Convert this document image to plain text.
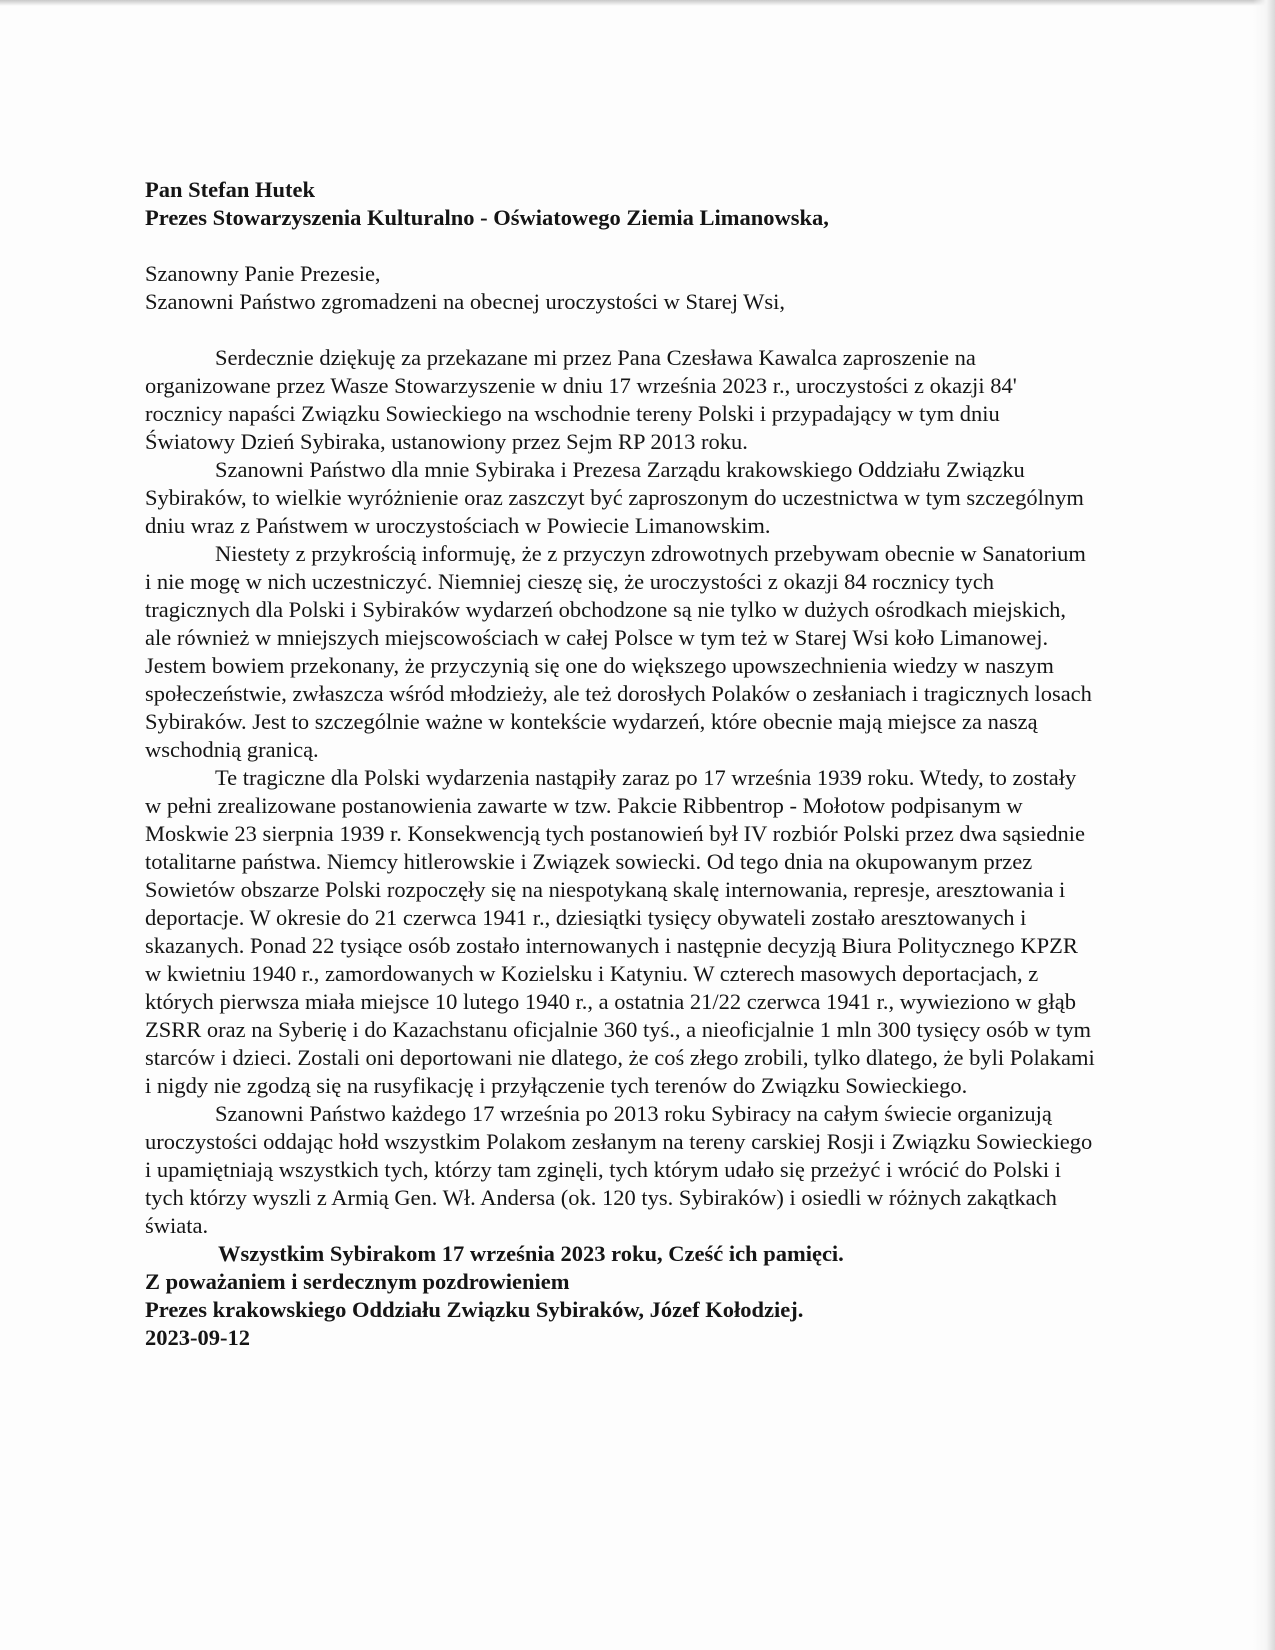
Pan Stefan Hutek

Prezes Stowarzyszenia Kulturalno - Oświatowego Ziemia Limanowska,

Szanowny Panie Prezesie,

Szanowni Państwo zgromadzeni na obecnej uroczystości w Starej Wsi,

Serdecznie dziękuję za przekazane mi przez Pana Czesława Kawalca zaproszenie na organizowane przez Wasze Stowarzyszenie w dniu 17 września 2023 r., uroczystości z okazji 84' rocznicy napaści Związku Sowieckiego na wschodnie tereny Polski i przypadający w tym dniu Światowy Dzień Sybiraka, ustanowiony przez Sejm RP 2013 roku.

Szanowni Państwo dla mnie Sybiraka i Prezesa Zarządu krakowskiego Oddziału Związku Sybiraków, to wielkie wyróżnienie oraz zaszczyt być zaproszonym do uczestnictwa w tym szczególnym dniu wraz z Państwem w uroczystościach w Powiecie Limanowskim.

Niestety z przykrością informuję, że z przyczyn zdrowotnych przebywam obecnie w Sanatorium i nie mogę w nich uczestniczyć. Niemniej cieszę się, że uroczystości z okazji 84 rocznicy tych tragicznych dla Polski i Sybiraków wydarzeń obchodzone są nie tylko w dużych ośrodkach miejskich, ale również w mniejszych miejscowościach w całej Polsce w tym też w Starej Wsi koło Limanowej. Jestem bowiem przekonany, że przyczynią się one do większego upowszechnienia wiedzy w naszym społeczeństwie, zwłaszcza wśród młodzieży, ale też dorosłych Polaków o zesłaniach i tragicznych losach Sybiraków. Jest to szczególnie ważne w kontekście wydarzeń, które obecnie mają miejsce za naszą wschodnią granicą.

Te tragiczne dla Polski wydarzenia nastąpiły zaraz po 17 września 1939 roku. Wtedy, to zostały w pełni zrealizowane postanowienia zawarte w tzw. Pakcie Ribbentrop - Mołotow podpisanym w Moskwie 23 sierpnia 1939 r. Konsekwencją tych postanowień był IV rozbiór Polski przez dwa sąsiednie totalitarne państwa. Niemcy hitlerowskie i Związek sowiecki. Od tego dnia na okupowanym przez Sowietów obszarze Polski rozpoczęły się na niespotykaną skalę internowania, represje, aresztowania i deportacje. W okresie do 21 czerwca 1941 r., dziesiątki tysięcy obywateli zostało aresztowanych i skazanych. Ponad 22 tysiące osób zostało internowanych i następnie decyzją Biura Politycznego KPZR w kwietniu 1940 r., zamordowanych w Kozielsku i Katyniu. W czterech masowych deportacjach, z których pierwsza miała miejsce 10 lutego 1940 r., a ostatnia 21/22 czerwca 1941 r., wywieziono w głąb ZSRR oraz na Syberię i do Kazachstanu oficjalnie 360 tyś., a nieoficjalnie 1 mln 300 tysięcy osób w tym starców i dzieci. Zostali oni deportowani nie dlatego, że coś złego zrobili, tylko dlatego, że byli Polakami i nigdy nie zgodzą się na rusyfikację i przyłączenie tych terenów do Związku Sowieckiego.

Szanowni Państwo każdego 17 września po 2013 roku Sybiracy na całym świecie organizują uroczystości oddając hołd wszystkim Polakom zesłanym na tereny carskiej Rosji i Związku Sowieckiego i upamiętniają wszystkich tych, którzy tam zginęli, tych którym udało się przeżyć i wrócić do Polski i tych którzy wyszli z Armią Gen. Wł. Andersa (ok. 120 tys. Sybiraków) i osiedli w różnych zakątkach świata.

Wszystkim Sybirakom 17 września 2023 roku, Cześć ich pamięci.

Z poważaniem i serdecznym pozdrowieniem

Prezes krakowskiego Oddziału Związku Sybiraków, Józef Kołodziej.

2023-09-12
